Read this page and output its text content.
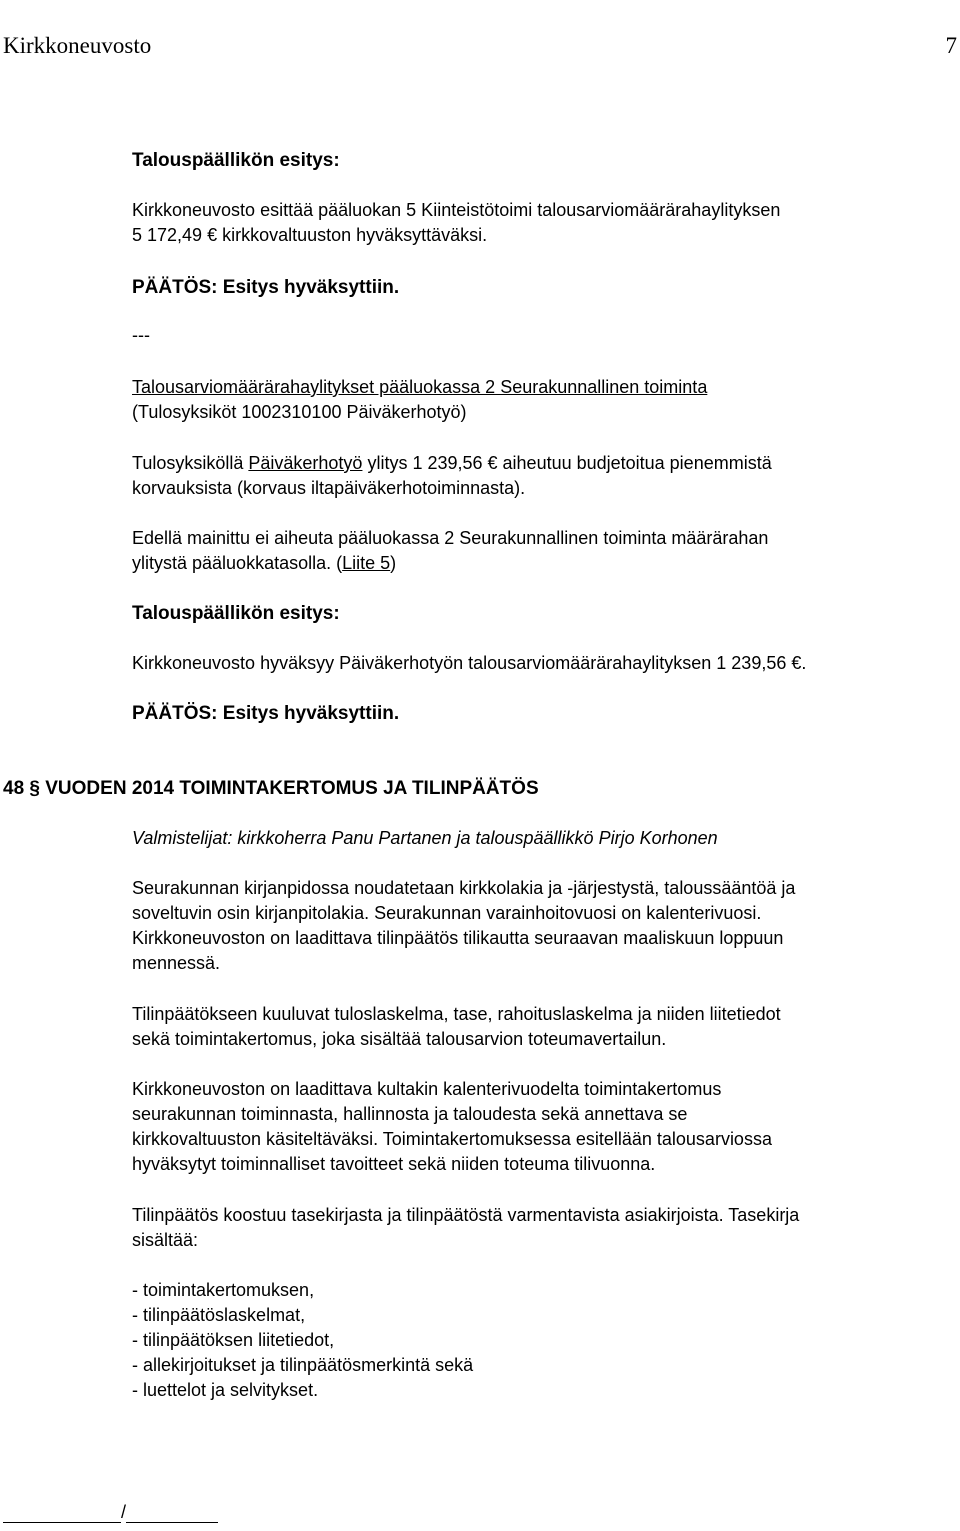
TOIVAKAN SEURAKUNTA	PÖYTÄKIRJA	3/2015
Kirkkoneuvosto	7
Talouspäällikön esitys:
Kirkkoneuvosto esittää pääluokan 5 Kiinteistötoimi talousarviomäärärahaylityksen
5 172,49 € kirkkovaltuuston hyväksyttäväksi.
PÄÄTÖS: Esitys hyväksyttiin.
---
Talousarviomäärärahaylitykset pääluokassa 2 Seurakunnallinen toiminta
(Tulosyksiköt 1002310100 Päiväkerhotyö)
Tulosyksiköllä Päiväkerhotyö ylitys 1 239,56 € aiheutuu budjetoitua pienemmistä
korvauksista (korvaus iltapäiväkerhotoiminnasta).
Edellä mainittu ei aiheuta pääluokassa 2 Seurakunnallinen toiminta määrärahan
ylitystä pääluokkatasolla. (Liite 5)
Talouspäällikön esitys:
Kirkkoneuvosto hyväksyy Päiväkerhotyön talousarviomäärärahaylityksen 1 239,56 €.
PÄÄTÖS: Esitys hyväksyttiin.
48 § VUODEN 2014 TOIMINTAKERTOMUS JA TILINPÄÄTÖS
Valmistelijat: kirkkoherra Panu Partanen ja talouspäällikkö Pirjo Korhonen
Seurakunnan kirjanpidossa noudatetaan kirkkolakia ja -järjestystä, taloussääntöä ja
soveltuvin osin kirjanpitolakia. Seurakunnan varainhoitovuosi on kalenterivuosi.
Kirkkoneuvoston on laadittava tilinpäätös tilikautta seuraavan maaliskuun loppuun
mennessä.
Tilinpäätökseen kuuluvat tuloslaskelma, tase, rahoituslaskelma ja niiden liitetiedot
sekä toimintakertomus, joka sisältää talousarvion toteumavertailun.
Kirkkoneuvoston on laadittava kultakin kalenterivuodelta toimintakertomus
seurakunnan toiminnasta, hallinnosta ja taloudesta sekä annettava se
kirkkovaltuuston käsiteltäväksi. Toimintakertomuksessa esitellään talousarviossa
hyväksytyt toiminnalliset tavoitteet sekä niiden toteuma tilivuonna.
Tilinpäätös koostuu tasekirjasta ja tilinpäätöstä varmentavista asiakirjoista. Tasekirja
sisältää:
- toimintakertomuksen,
- tilinpäätöslaskelmat,
- tilinpäätöksen liitetiedot,
- allekirjoitukset ja tilinpäätösmerkintä sekä
- luettelot ja selvitykset.
/
